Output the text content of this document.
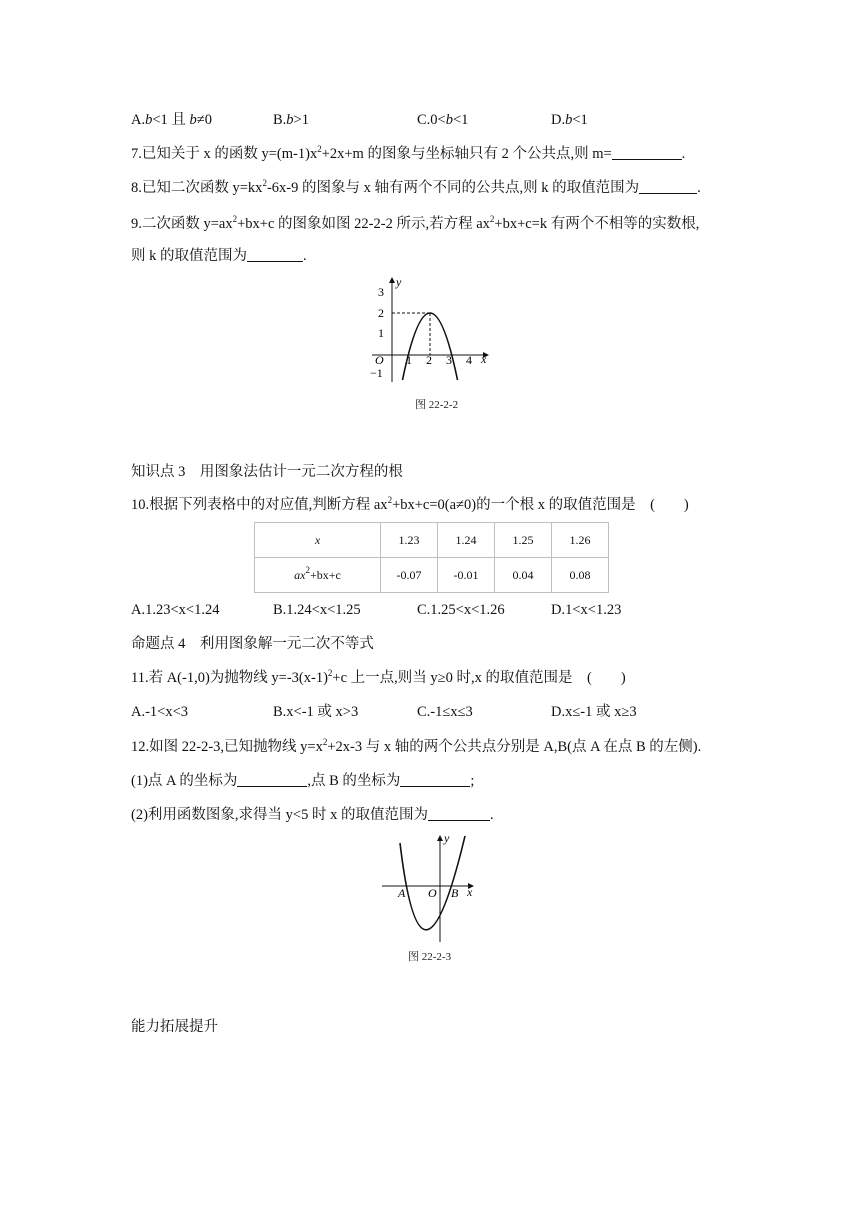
A.b<1 且 b≠0	B.b>1	C.0<b<1	D.b<1
7.已知关于 x 的函数 $y=(m-1)x^2+2x+m$ 的图象与坐标轴只有 2 个公共点,则 m=	.
8.已知二次函数 $y=kx^2-6x-9$ 的图象与 x 轴有两个不同的公共点,则 k 的取值范围为	.
9.二次函数 $y=ax^2+bx+c$ 的图象如图 22-2-2 所示,若方程 $ax^2+bx+c=k$ 有两个不相等的实数根,
则 k 的取值范围为	.
y
x
O
3
2
1
−1
1 2 3 4
图 22-2-2
知识点 3　用图象法估计一元二次方程的根
10.根据下列表格中的对应值,判断方程 $ax^2+bx+c=0(a\ne 0)$的一个根 x 的取值范围是　(　　)
x	1.23	1.24	1.25	1.26
$ax^2+bx+c$	-0.07	-0.01	0.04	0.08
A.1.23<x<1.24	B.1.24<x<1.25	C.1.25<x<1.26	D.1<x<1.23
命题点 4　利用图象解一元二次不等式
11.若 A(-1,0)为抛物线 $y=-3(x-1)^2+c$ 上一点,则当 y≥0 时,x 的取值范围是　(　　)
A.-1<x<3	B.x<-1 或 x>3	C.-1≤x≤3	D.x≤-1 或 x≥3
12.如图 22-2-3,已知抛物线 $y=x^2+2x-3$ 与 x 轴的两个公共点分别是 A,B(点 A 在点 B 的左侧).
(1)点 A 的坐标为	,点 B 的坐标为	;
(2)利用函数图象,求得当 y<5 时 x 的取值范围为	.
y
x
O
A	B
图 22-2-3
能力拓展提升
